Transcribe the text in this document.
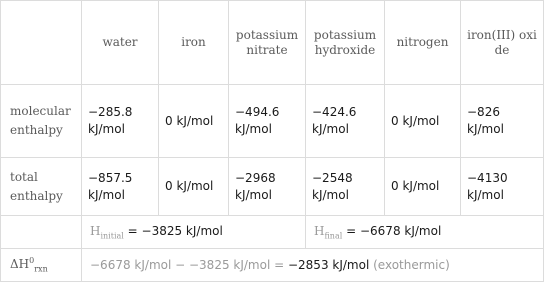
	water	iron	potassium nitrate	potassium hydroxide	nitrogen	iron(III) oxide
molecular enthalpy	−285.8 kJ/mol	0 kJ/mol	−494.6 kJ/mol	−424.6 kJ/mol	0 kJ/mol	−826 kJ/mol
total enthalpy	−857.5 kJ/mol	0 kJ/mol	−2968 kJ/mol	−2548 kJ/mol	0 kJ/mol	−4130 kJ/mol
	$H_{initial} = -3825$ kJ/mol			$H_{final} = -6678$ kJ/mol		
$\Delta H^0_{rxn}$	−6678 kJ/mol − −3825 kJ/mol = −2853 kJ/mol (exothermic)					
